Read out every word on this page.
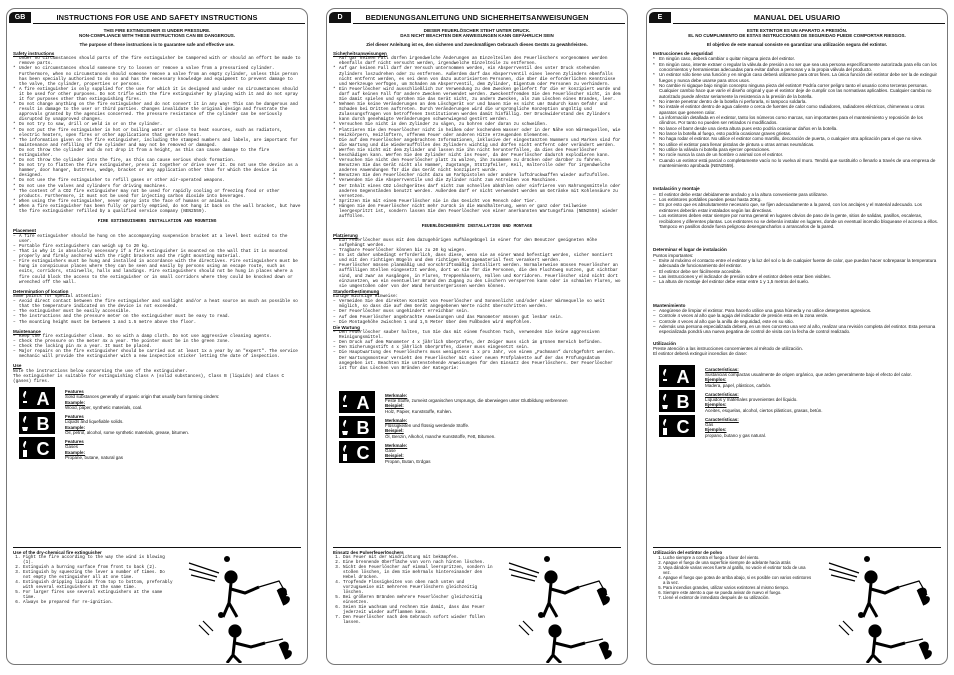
GB	INSTRUCTIONS FOR USE AND SAFETY INSTRUCTIONS
THIS FIRE EXTINGUISHER IS UNDER PRESSURE.
NON-COMPLIANCE WITH THESE INSTRUCTIONS CAN BE DANGEROUS.
The purpose of these instructions is to guarantee safe and effective use.
Safety instructions
* Under no circumstances should parts of the fire extinguisher be tampered with or should an effort be made to remove parts.
* Under no circumstances should someone try to loosen or remove a valve from a pressurised cylinder. Furthermore, when no circumstances should someone remove a valve from an empty cylinder, unless this person has been specially authorised to do so and has the necessary knowledge and equipment to prevent damage to the valve, the cylinder, properties or persons.
* A fire extinguisher is only supplied for the use for which it is designed and under no circumstances should it be used for other purposes. Do not trifle with the fire extinguisher by playing with it and do not spray it for purposes other than extinguishing fires.
* Do not change anything on the fire extinguisher and do not convert it in any way! This can be dangerous and result in damage to the user or third parties. Changes invalidate the original design and frustrate the approvals granted by the agencies concerned. The pressure resistance of the cylinder can be seriously disrupted by unapproved changes.
* Do not try to saw, drill or weld in or on the cylinder.
* Do not put the fire extinguisher in hot or boiling water or close to heat sources, such as radiators, electric heaters, open fires or other applications that generate heat.
* The information given on the fire extinguisher, including the stamped numbers and labels, are important for maintenance and refilling of the cylinder and may not be removed or damaged.
* Do not throw the cylinder and do not drop it from a height, as this can cause damage to the fire extinguisher.
* Do not throw the cylinder into the fire, as this can cause serious shock formation.
* Do not try to flatten the fire extinguisher, press it together or drive over it. Do not use the device as a hammer, door hanger, buttress, wedge, bracket or any application other than for which the device is designed.
* Do not use the fire extinguisher to refill gases or other air-operated weapons.
* Do not use the valves and cylinders for driving machines.
* The content of a CO2 fire extinguisher may not be used for rapidly cooling or freezing food or other products. Furthermore, it must not be used for injecting carbon dioxide into beverages.
* When using the fire extinguisher, never spray into the face of humans or animals.
* When a fire extinguisher has been fully or partly emptied, do not hang it back on the wall bracket, but have the fire extinguisher refilled by a qualified service company (NEN2559).
FIRE EXTINGUISHERS INSTALLATION AND MOUNTING
Placement
– A fire extinguisher should be hung on the accompanying suspension bracket at a level best suited to the user.
– Portable fire extinguishers can weigh up to 20 kg.
– That is why it is absolutely necessary if a fire extinguisher is mounted on the wall that it is mounted properly and firmly anchored with the right brackets and the right mounting material.
– Fire extinguishers must be hung and installed in accordance with the directives. Fire extinguishers must be hung in conspicuous places where they can be seen and easily by persons using an escape route, such as exits, corridors, stairwells, halls and landings. Fire extinguishers should not be hung in places where a fire could block the access to the extinguisher or in small corridors where they could be knocked down or wrenched off the wall.
Determination of location
Some points for special attention:
– Avoid direct contact between the fire extinguisher and sunlight and/or a heat source as much as possible so that the temperature indicated on the device is not exceeded.
– The extinguisher must be easily accessible.
– The instructions and the pressure meter on the extinguisher must be easy to read.
– The mounting height must be between 1 and 1.5 metre above the floor.
Maintenance
– Keep the fire extinguisher clean. Do so with a damp cloth. Do not use aggressive cleaning agents.
– Check the pressure on the meter 4x a year. The pointer must be in the green zone.
– Check the locking pin 4x a year. It must be placed.
– Major repairs on the fire extinguisher should be carried out at least 1x a year by an "expert". The service mechanic will provide the extinguisher with a new inspection sticker letting the date of inspection.
Use
Note the instructions below concerning the use of the extinguisher.
The extinguisher is suitable for extinguishing Class A (solid substances), Class B (liquids) and Class C (gases) fires.
A	Features
Solid substances generally of organic origin that usually burn forming cinders:
Example:
Wood, paper, synthetic materials, coal.
B	Features
Liquids and liquefiable solids.
Example:
Oil, petrol, alcohol, some synthetic materials, grease, bitumen.
C	Features
Gases
Example:
Propane, butane, natural gas
Use of the dry-chemical fire extinguisher
1. Fight the fire according to the way the wind is blowing (1).
2. Extinguish a burning surface from front to back (2).
3. Extinguish by squeezing the lever a number of times. Do not empty the extinguisher all at one time.
4. Extinguish dripping liquids from top to bottom, preferably with several extinguishers at the same time.
5. For larger fires use several extinguishers at the same time.
6. Always be prepared for re-ignition.
D	BEDIENUNGSANLEITUNG UND SICHERHEITSANWEISUNGEN
DIESER FEUERLÖSCHER STEHT UNTER DRUCK.
DAS NICHT BEACHTEN DER ANWEISUNGEN KANN GEFÄHRLICH SEIN
Ziel dieser Anleitung ist es, den sicheren und zweckmäßigen Gebrauch dieses Geräts zu gewährleisten.
Sicherheitsanweisungen
* Auf gar keinen Fall dürfen irgendwelche Änderungen an Einzelteilen des Feuerlöschers vorgenommen werden ebenfalls darf nicht versucht werden, irgendwelche Einzelteile zu entfernen.
* Auf gar keinen Fall darf der Versuch unternommen werden, ein Absperrventil des unter Druck stehenden Zylinders loszudrehen oder zu entfernen. Außerdem darf das Absperrventil eines leeren Zylinders ebenfalls nicht entfernt werden, es sei denn von dazu autorisierten Personen, die über die erforderlichen Kenntnisse und Werkzeuge verfügen, um Schaden am Absperrventil, dem Zylinder, Eigentum oder Personen zu verhindern.
* Ein Feuerlöscher wird ausschließlich zur Verwendung zu dem Zwecken geliefert für die er konzipiert wurde und darf auf keinen Fall für andere Zwecken verwendet werden. Zweckentfremden Sie den Feuerlöscher nicht, in dem Sie damit spielen und sprühen Sie das Gerät nicht, zu andern Zwecken, als zum Löschen eines Brandes, leer.
* Nehmen Sie keine Veränderungen an dem Löschgerät vor und bauen Sie es nicht um! Dadurch kann Gefahr und Schaden bei Dritten auftreten. Durch Veränderungen wird die ursprüngliche Konzeption ungültig und Zulassungsfragen von betroffenen Institutionen werden damit hinfällig. Der Druckwiderstand des Zylinders kann durch genehmigte Veränderungen schwerwiegend gestört werden.
* Versuchen Sie nicht in den Zylinder zu sägen, zu bohren oder daran zu schweißen.
* Platzieren Sie den Feuerlöscher nicht in heißem oder kochendem Wasser oder in der Nähe von Wärmequellen, wie Heizkörpern, Heizlüftern, offenem Feuer oder anderen Hitze erzeugenden Elementen.
* Die auf dem Feuerlöscher angebrachten Informationen, inklusive der eingestanzten Nummern und Marken sind für die Wartung und die Wiederauffüllen des Zylinders wichtig und dürfen nicht entfernt oder verändert werden.
* Werfen Sie nicht mit dem Zylinder und lassen Sie ihn nicht herunterfallen, da dies den Feuerlöscher beschädigen kann. Werfen Sie den Zylinder nicht ins Feuer, da der Feuerlöscher dadurch explodieren kann.
* Versuchen Sie nicht den Feuerlöscher platt zu walzen, ihn zusammen zu drücken oder darüber zu fahren. Benutzen Sie das Gerät nicht als Hammer, Zugstange, Stützpfeiler, Keil, Halterolle oder für irgendwelche anderen Anwendungen für die das Gerät nicht konzipiert wurde.
* Benutzen Sie den Feuerlöscher nicht dazu um Farbpistolen oder andere luftdruckwaffen wieder aufzufüllen.
* Verwenden Sie die Absperrventile und die Zylinder nicht zum Antreiben von Maschinen.
* Der Inhalt eines CO2 Löschgerätes darf nicht zum schnellen abkühlen oder einfrieren von Nahrungsmitteln oder anderen Gegenständen benutzt werden. Außerdem darf er nicht verwendet werden um Getränke mit Kohlensäure zu versetzen.
* Spritzen Sie mit einem Feuerlöscher nie in das Gesicht von Mensch oder Tier.
* Hängen Sie den Feuerlöscher nicht mehr zurück in die Wandhalterung, wenn er ganz oder teilweise leergespritzt ist, sondern lassen Sie den Feuerlöscher von einer anerkannten Wartungsfirma (NEN2559) wieder auffüllen.
FEUERLÖSCHGERÄTE INSTALLATION UND MONTAGE
Platzierung
– Ein Feuerlöscher muss mit dem dazugehörigen Aufhängebügel in einer für den Benutzer geeigneten Höhe aufgehängt werden.
– Tragbare Feuerlöscher können bis zu 20 kg wiegen.
– Es ist daher unbedingt erforderlich, dass diese, wenn sie an einer Wand befestigt werden, sicher montiert und mit den richtigen Bügeln und dem richtigen Montagematerial fest verankert werden.
– Feuerlöscher müssen planmäßig und vorschriftsmäßig installiert werden. Normalerweise müssen Feuerlöscher an auffälligen Stellen eingesetzt werden, dort wo sie für die Personen, die den Fluchtweg nutzen, gut sichtbar sind, und zwar an Ausgängen, in Fluren, Treppenhäusern, Hallen und Korridoren. Feuerlöscher sind nicht dort einzusetzen, wo ein eventueller Brand den Zugang zu den Löschern versperren kann oder in schmalen Fluren, wo sie umgestoßen oder von der Wand heruntergerissen werden können.
Standortbestimmung
Einige wichtige Hinweise:
– Vermeiden Sie den direkten Kontakt von Feuerlöscher und Sonnenlicht und/oder einer Wärmequelle so weit möglich, so dass die auf dem Gerät angegebenen Werte nicht überschritten werden.
– Der Feuerlöscher muss ungehindert erreichbar sein.
– Auf dem Feuerlöscher angebrachte Anweisungen und das Manometer müssen gut lesbar sein.
– Die Montagehöhe zwischen 1 und 1,5 Meter über dem Fußboden wird empfohlen.
Die Wartung
– Den Feuerlöscher sauber halten, tun Sie das mit einem feuchten Tuch, verwenden Sie keine aggressiven Reinigungsmittel.
– Den Druck auf dem Manometer 4 x jährlich überprüfen, der Zeiger muss sich im grünen Bereich befinden.
– Den Sicherungsstift 4 x jährlich überprüfen, dieser muss eingesetzt sein.
– Die Hauptwartung des Feuerlöschers muss wenigstens 1 x pro Jahr, von einem „Fachmann“ durchgeführt werden. Der Wartungsmonteur versieht den Feuerlöscher mit einer neuen Prüfplakette auf der das Prüfungsdatum angegeben ist. Beachten Sie untenstehende Anweisungen für den Einsatz des Feuerlöschers. Der Feuerlöscher ist für das Löschen von Bränden der Kategorie:
A	Merkmale:
Feste Stoffe, zumeist organischen Ursprungs, die überwiegen unter Glutbildung verbrennen
Beispiel:
Holz, Papier, Kunststoffe, Kohlen.
B	Merkmale:
Flüssigkeiten und flüssig werdende Stoffe.
Beispiel:
Öl, Benzin, Alkohol, manche Kunststoffe, Fett, Bitumen.
C	Merkmale:
Gase
Beispiel:
Propan, Butan, Erdgas
Einsatz des Pulverfeuerlöschers
1. Das Feuer mit der Windrichtung mit bekämpfen.
2. Eine brennende Oberfläche von vorn nach hinten löschen.
3. Nicht den Feuerlöscher auf einmal leerspritzen, sondern in stoßen löschen, in dem Sie mehrmals hintereinander den Hebel drücken.
4. Tropfende Flüssigkeiten von oben nach unten und vorzugsweise mit mehreren Feuerlöschern gleichzeitig löschen.
5. Bei größeren Bränden mehrere Feuerlöscher gleichzeitig einsetzen.
6. Seien Sie wachsam und rechnen Sie damit, dass das Feuer jederzeit wieder aufflammen kann.
7. Den Feuerlöscher nach dem Gebrauch sofort wieder füllen lassen.
E	MANUAL DEL USUARIO
ESTE EXTINTOR ES UN APARATO A PRESIÓN.
EL NO CUMPLIMIENTO DE ESTAS INSTRUCCIONES DE SEGURIDAD PUEDE COMPORTAR RIESGOS.
El objetivo de este manual consiste en garantizar una utilización segura del extintor.
Instrucciones de seguridad
* En ningún caso, deberá cambiar o quitar ninguna pieza del extintor.
* En ningún caso, intente extraer o regular la válvula de presión a no ser que sea una persona específicamente autorizada para ello con los conocimientos y herramientas adecuadas para evitar daños a personas y a la propia válvula del producto.
* Un extintor sólo tiene una función y en ningún caso deberá utilizarse para otros fines. La única función del extintor debe ser la de extinguir fuegos y nunca debe usarse para otros usos.
* No cambie ni sigaque bajo ningún concepto ninguna pieza del extintor! Podría correr peligro tanto el usuario como terceras personas. Cualquier cambio hace que varíe el diseño original y que el extintor deje de cumplir con las normativas aplicables. Cualquier cambio no autorizado puede afectar seriamente la resistencia a la presión de la botella.
* No intente penetrar dentro de la botella ni perforarla, ni tampoco soldarla.
* No instale el extintor dentro de agua caliente o cerca de fuentes de calor como radiadores, radiadores eléctricos, chimeneas u otros aparatos que generen calor.
* La información detallada en el extintor, tanto los números como marcas, son importantes para el mantenimiento y reposición de los cilindros. Por tanto no pueden ser retirados ni modificados.
* No lance el bam! desde una cierta altura pues esto podría ocasionar daños en la botella.
* No lance la botella al fuego, esto podría ocasionar graves grietas.
* No haga rodar el extintor. No utilice el extintor como martillo, decoración de puerta, o cualquier otra aplicación para el que no sirve.
* No utilice el extintor para llenar pistolas de pintura u otras armas neumáticas.
* No utilice la válvula ni botella para ejercer operaciones.
* No rocíe nunca la cara de un hombre o animal con el extintor.
* Cuando un extintor está parcial o completamente vacío no lo vuelva al muro. Tendrá que sustituirlo o llenarlo a través de una empresa de mantenimiento aprobada (NEN2559).
Instalación y montaje
– El extintor debe estar debidamente anclado y a la altura conveniente para utilizarse.
– Los extintores portátiles pueden pesar hasta 20Kg.
– Es por esto que es absolutamente necesario que, se fijen adecuadamente a la pared, con los anclajes y el material adecuado. Los extintores deberán estar instalados según las directivas.
– Los extintores deben estar siempre por norma general en lugares obvios de paso de la gente, sitios de salidas, pasillos, escaleras, recibidores y diferentes plantas. Los extintores no se deberán instalar en lugares, donde un eventual incendio bloquease el acceso a éllos. Tampoco en pasillos donde fuera peligroso desengancharlos o arrancarlos de la pared.
Determinar el lugar de instalación
Puntos importantes:
– Evite al máximo el contacto entre el extintor y la luz del sol o la de cualquier fuente de calor, que puedan hacer sobrepasar la temperatura adecuada de funcionamiento del extintor.
– El extintor debe ser fácilmente accesible.
– Las instrucciones y el indicador de presión sobre el extintor deben estar bien visibles.
– La altura de montaje del extintor debe estar entre 1 y 1,5 metros del suelo.
Mantenimiento
– Asegúrese de limpiar el extintor. Para hacerlo utilice una gasa húmeda y no utilice detergentes agresivos.
– Controle 4 veces al año que la aguja del indicador de presión esta en la zona verde.
– Controle 4 veces al año que la anilla de seguridad, este en su sitio.
– Además una persona especializada deberá, en un mes concreto una vez al año, realizar una revisión completa del extintor. Esta persona especializada pondrá una nueva pegatina de control de visita con la fecha de control realizado.
Utilización
Preste atención a las instrucciones concernientes al método de utilización.
El extintor deberá extinguir incendios de clase:
A	Características:
Sustancias compactas usualmente de origen orgánico, que arden generalmente bajo el efecto del calor.
Ejemplos:
Madera, papel, plásticos, carbón.
B	Características:
Líquidos y materiales provenientes del líquido.
Ejemplos:
Aceites, esquelas, alcohol, ciertos plásticos, grasas, betún.
C	Características:
Gas
Ejemplos:
propano, butano y gas natural.
Utilización del extintor de polvo
1. Luche siempre a contra el fuego a favor del viento.
2. Apague el fuego de una superficie siempre de adelante hacia atrás
3. Vaya dándole varias veces fuerte al gatillo, no vacíe el extintor todo de una vez.
4. Apague el fuego que gotea de arriba abajo, si es posible con varios extintores a la vez.
5. Para incendios grandes, utilizar varios extintores al mismo tiempo.
6. Siempre este atento a que se pueda avivar de nuevo el fuego.
7. Llené el extintor de inmediato después de su utilización.
